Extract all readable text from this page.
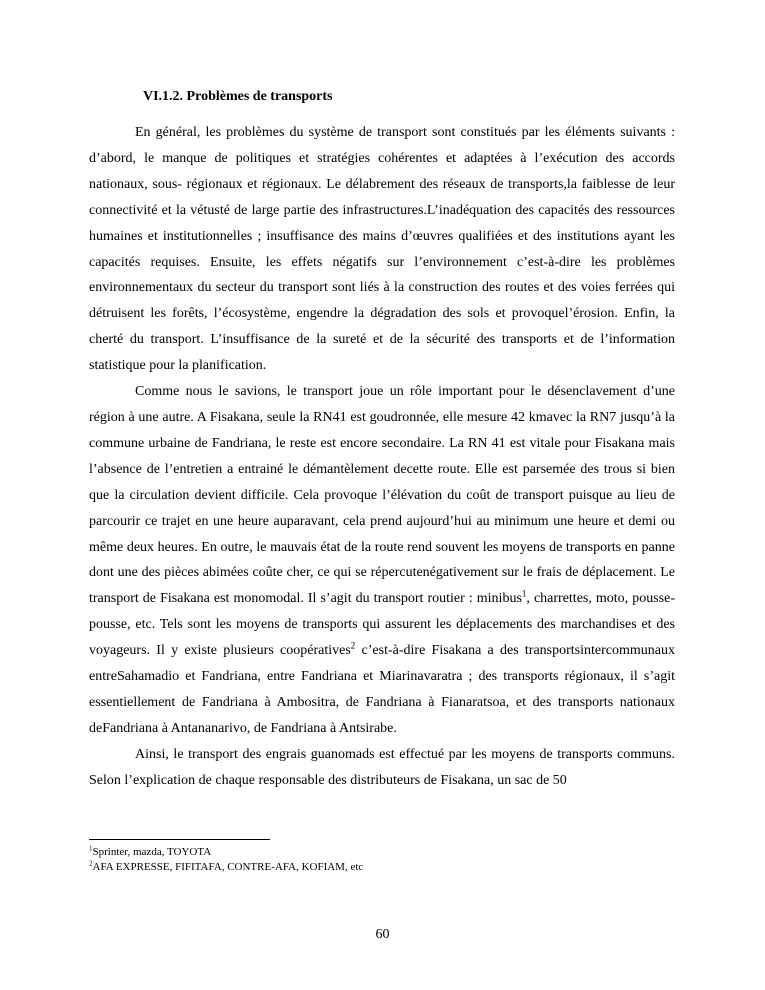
VI.1.2. Problèmes de transports

En général, les problèmes du système de transport sont constitués par les éléments suivants : d’abord, le manque de politiques et stratégies cohérentes et adaptées à l’exécution des accords nationaux, sous- régionaux et régionaux. Le délabrement des réseaux de transports,la faiblesse de leur connectivité et la vétusté de large partie des infrastructures.L’inadéquation des capacités des ressources humaines et institutionnelles ; insuffisance des mains d’œuvres qualifiées et des institutions ayant les capacités requises. Ensuite, les effets négatifs sur l’environnement c’est-à-dire les problèmes environnementaux du secteur du transport sont liés à la construction des routes et des voies ferrées qui détruisent les forêts, l’écosystème, engendre la dégradation des sols et provoquel’érosion. Enfin, la cherté du transport. L’insuffisance de la sureté et de la sécurité des transports et de l’information statistique pour la planification.

Comme nous le savions, le transport joue un rôle important pour le désenclavement d’une région à une autre. A Fisakana, seule la RN41 est goudronnée, elle mesure 42 kmavec la RN7 jusqu’à la commune urbaine de Fandriana, le reste est encore secondaire. La RN 41 est vitale pour Fisakana mais l’absence de l’entretien a entrainé le démantèlement decette route. Elle est parsemée des trous si bien que la circulation devient difficile. Cela provoque l’élévation du coût de transport puisque au lieu de parcourir ce trajet en une heure auparavant, cela prend aujourd’hui au minimum une heure et demi ou même deux heures. En outre, le mauvais état de la route rend souvent les moyens de transports en panne dont une des pièces abimées coûte cher, ce qui se répercutenégativement sur le frais de déplacement. Le transport de Fisakana est monomodal. Il s’agit du transport routier : minibus$^1$, charrettes, moto, pousse-pousse, etc. Tels sont les moyens de transports qui assurent les déplacements des marchandises et des voyageurs. Il y existe plusieurs coopératives$^2$ c’est-à-dire Fisakana a des transportsintercommunaux entreSahamadio et Fandriana, entre Fandriana et Miarinavaratra ; des transports régionaux, il s’agit essentiellement de Fandriana à Ambositra, de Fandriana à Fianaratsoa, et des transports nationaux deFandriana à Antananarivo, de Fandriana à Antsirabe.

Ainsi, le transport des engrais guanomads est effectué par les moyens de transports communs. Selon l’explication de chaque responsable des distributeurs de Fisakana, un sac de 50

$^1$Sprinter, mazda, TOYOTA
$^2$AFA EXPRESSE, FIFITAFA, CONTRE-AFA, KOFIAM, etc
60
